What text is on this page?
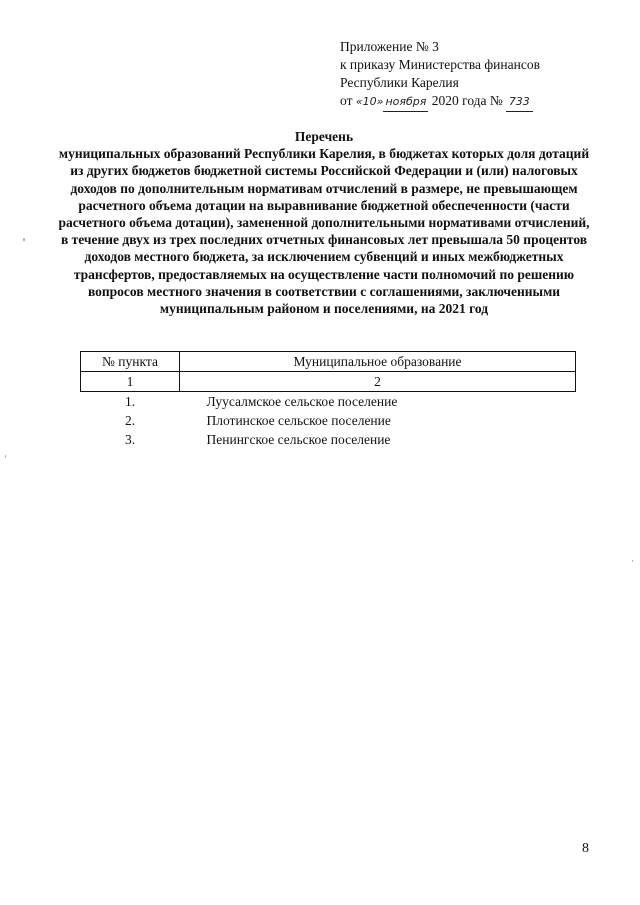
Приложение № 3
к приказу Министерства финансов
Республики Карелия
от «10» ноября 2020 года № 733
Перечень
муниципальных образований Республики Карелия, в бюджетах которых доля дотаций из других бюджетов бюджетной системы Российской Федерации и (или) налоговых доходов по дополнительным нормативам отчислений в размере, не превышающем расчетного объема дотации на выравнивание бюджетной обеспеченности (части расчетного объема дотации), замененной дополнительными нормативами отчислений, в течение двух из трех последних отчетных финансовых лет превышала 50 процентов доходов местного бюджета, за исключением субвенций и иных межбюджетных трансфертов, предоставляемых на осуществление части полномочий по решению вопросов местного значения в соответствии с соглашениями, заключенными муниципальным районом и поселениями, на 2021 год
№ пункта	Муниципальное образование
1	2
1.	Луусалмское сельское поселение
2.	Плотинское сельское поселение
3.	Пенингское сельское поселение
8
